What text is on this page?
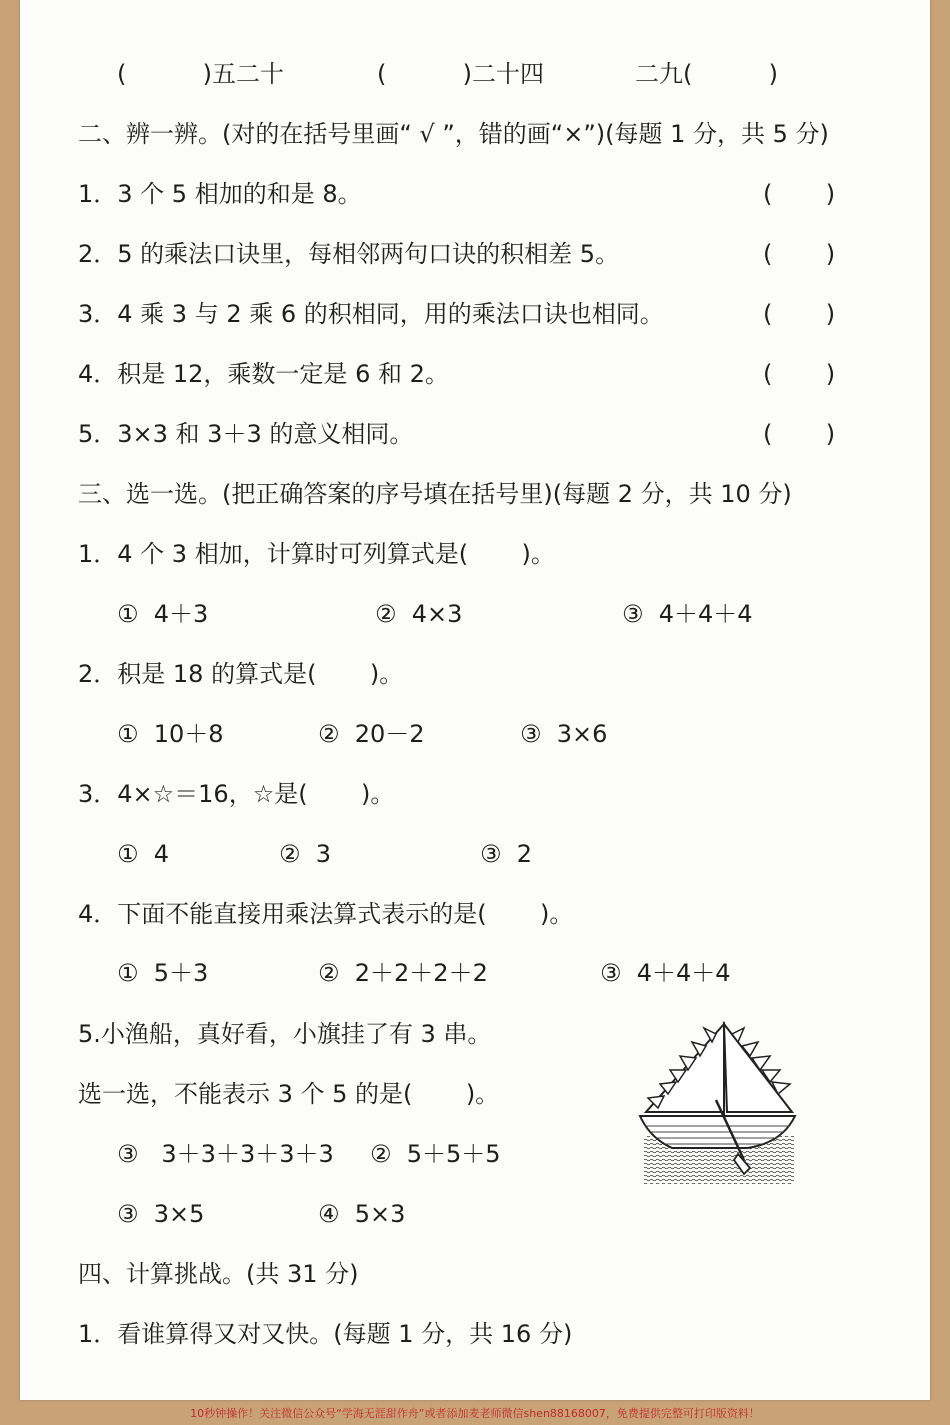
(          )五二十	(          )二十四	二九(          )
二、辨一辨。(对的在括号里画“ √ ”，错的画“×”)(每题 1 分，共 5 分)
1．3 个 5 相加的和是 8。	(       )
2．5 的乘法口诀里，每相邻两句口诀的积相差 5。	(       )
3．4 乘 3 与 2 乘 6 的积相同，用的乘法口诀也相同。	(       )
4．积是 12，乘数一定是 6 和 2。	(       )
5．3×3 和 3＋3 的意义相同。	(       )
三、选一选。(把正确答案的序号填在括号里)(每题 2 分，共 10 分)
1．4 个 3 相加，计算时可列算式是(       )。
①  4＋3	②  4×3	③  4＋4＋4
2．积是 18 的算式是(       )。
①  10＋8	②  20－2	③  3×6
3．4×☆＝16，☆是(       )。
①  4	②  3	③  2
4．下面不能直接用乘法算式表示的是(       )。
①  5＋3	②  2＋2＋2＋2	③  4＋4＋4
5.小渔船，真好看，小旗挂了有 3 串。
选一选，不能表示 3 个 5 的是(       )。
③   3＋3＋3＋3＋3 ②  5＋5＋5
③  3×5	④  5×3
四、计算挑战。(共 31 分)
1．看谁算得又对又快。(每题 1 分，共 16 分)
10秒钟操作！关注微信公众号“学海无涯甜作舟”或者添加麦老师微信shen88168007，免费提供完整可打印版资料！
